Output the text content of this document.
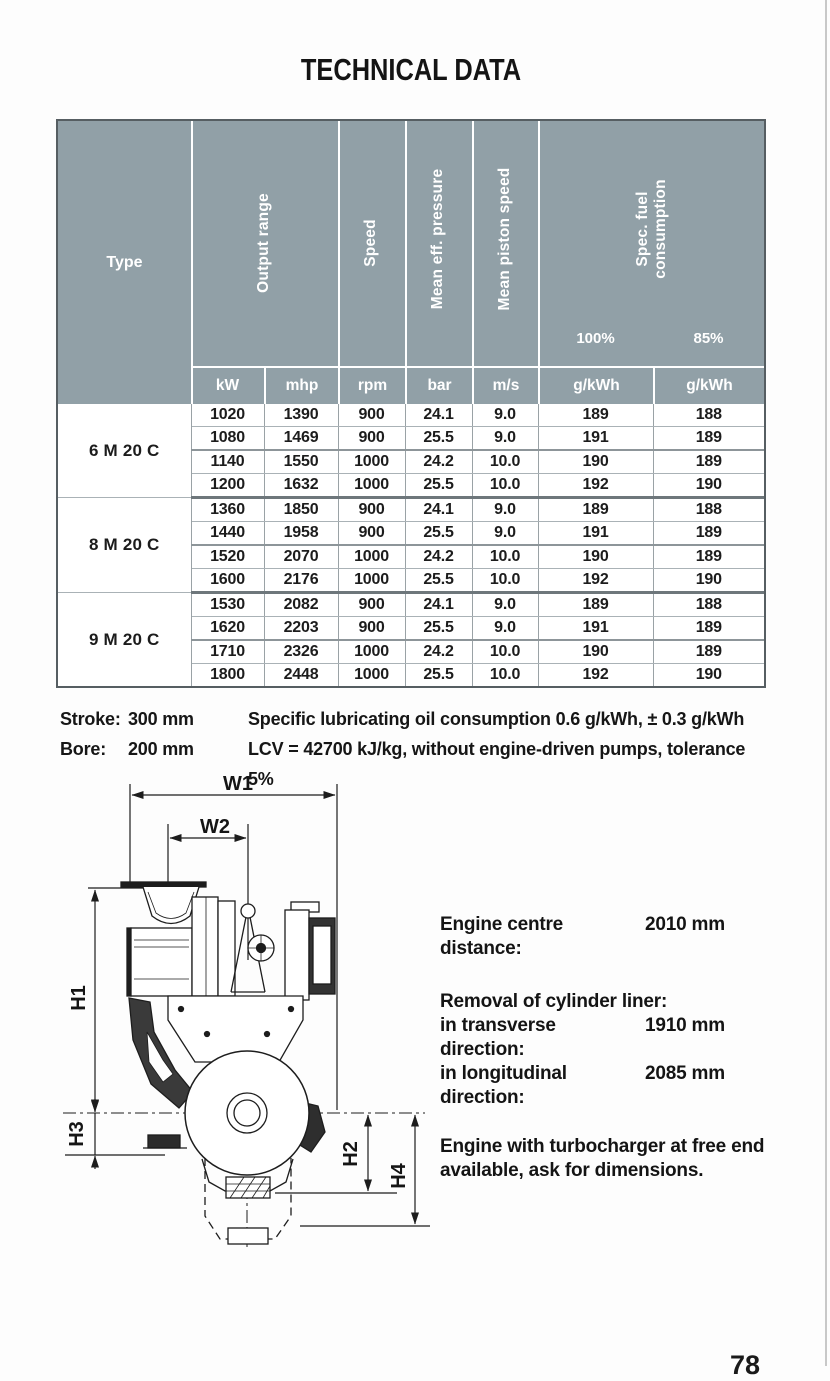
TECHNICAL DATA
Type	Output range	Speed	Mean eff. pressure	Mean piston speed	Spec. fuel
consumption
100%	85%
kW	mhp	rpm	bar	m/s	g/kWh	g/kWh
6 M 20 C	1020	1390	900	24.1	9.0	189	188
	1080	1469	900	25.5	9.0	191	189
	1140	1550	1000	24.2	10.0	190	189
	1200	1632	1000	25.5	10.0	192	190
8 M 20 C	1360	1850	900	24.1	9.0	189	188
	1440	1958	900	25.5	9.0	191	189
	1520	2070	1000	24.2	10.0	190	189
	1600	2176	1000	25.5	10.0	192	190
9 M 20 C	1530	2082	900	24.1	9.0	189	188
	1620	2203	900	25.5	9.0	191	189
	1710	2326	1000	24.2	10.0	190	189
	1800	2448	1000	25.5	10.0	192	190
Stroke: 300 mm	Specific lubricating oil consumption 0.6 g/kWh, ± 0.3 g/kWh
Bore:	200 mm	LCV = 42700 kJ/kg, without engine-driven pumps, tolerance 5%
W1
W2
H1
H3
H2
H4
Engine centre distance:
2010 mm
Removal of cylinder liner:
in transverse direction:
1910 mm
in longitudinal direction:
2085 mm
Engine with turbocharger at free end
available, ask for dimensions.
78
